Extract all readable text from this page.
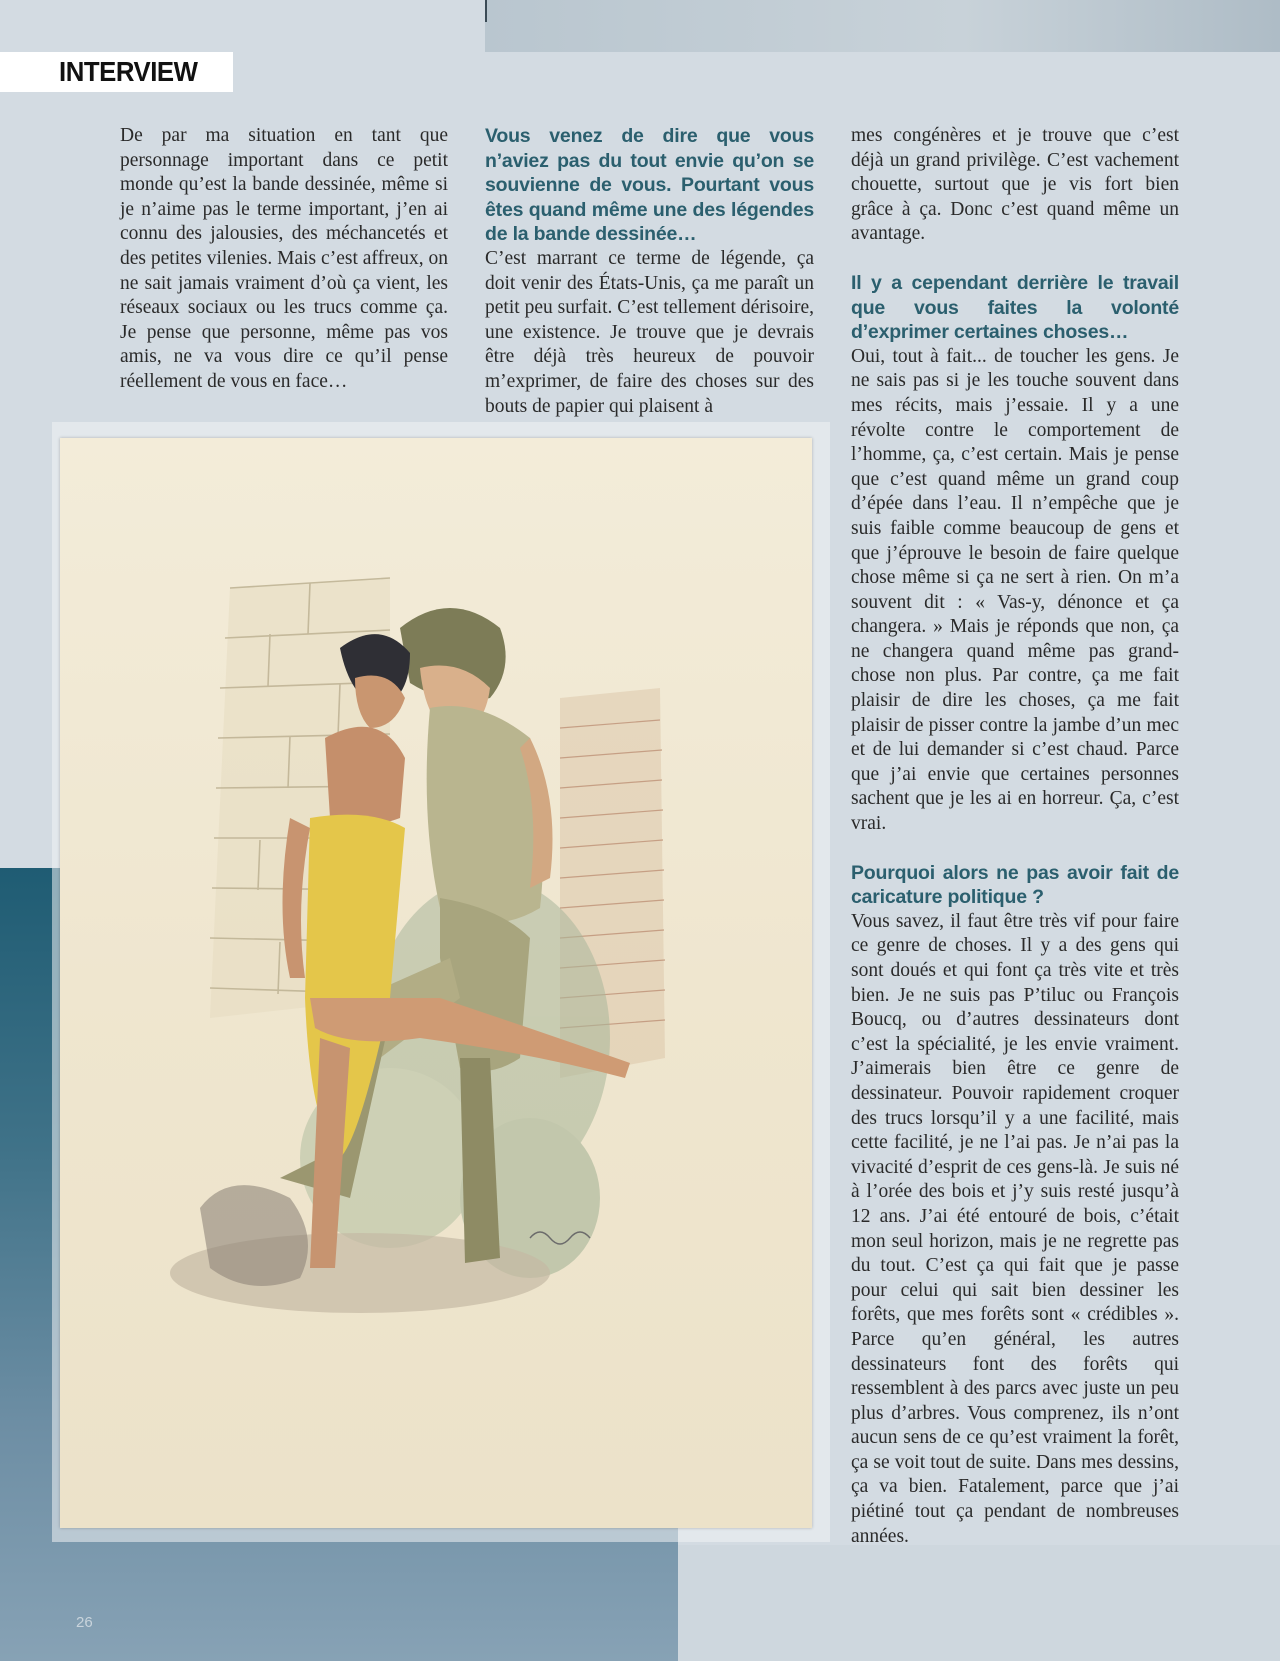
INTERVIEW

De par ma situation en tant que personnage important dans ce petit monde qu’est la bande dessinée, même si je n’aime pas le terme important, j’en ai connu des jalousies, des méchancetés et des petites vilenies. Mais c’est affreux, on ne sait jamais vraiment d’où ça vient, les réseaux sociaux ou les trucs comme ça. Je pense que personne, même pas vos amis, ne va vous dire ce qu’il pense réellement de vous en face…

Vous venez de dire que vous n’aviez pas du tout envie qu’on se souvienne de vous. Pourtant vous êtes quand même une des légendes de la bande dessinée…

C’est marrant ce terme de légende, ça doit venir des États-Unis, ça me paraît un petit peu surfait. C’est tellement dérisoire, une existence. Je trouve que je devrais être déjà très heureux de pouvoir m’exprimer, de faire des choses sur des bouts de papier qui plaisent à

mes congénères et je trouve que c’est déjà un grand privilège. C’est vachement chouette, surtout que je vis fort bien grâce à ça. Donc c’est quand même un avantage.

Il y a cependant derrière le travail que vous faites la volonté d’exprimer certaines choses…

Oui, tout à fait... de toucher les gens. Je ne sais pas si je les touche souvent dans mes récits, mais j’essaie. Il y a une révolte contre le comportement de l’homme, ça, c’est certain. Mais je pense que c’est quand même un grand coup d’épée dans l’eau. Il n’empêche que je suis faible comme beaucoup de gens et que j’éprouve le besoin de faire quelque chose même si ça ne sert à rien. On m’a souvent dit : « Vas-y, dénonce et ça changera. » Mais je réponds que non, ça ne changera quand même pas grand-chose non plus. Par contre, ça me fait plaisir de dire les choses, ça me fait plaisir de pisser contre la jambe d’un mec et de lui demander si c’est chaud. Parce que j’ai envie que certaines personnes sachent que je les ai en horreur. Ça, c’est vrai.

Pourquoi alors ne pas avoir fait de caricature politique ?

Vous savez, il faut être très vif pour faire ce genre de choses. Il y a des gens qui sont doués et qui font ça très vite et très bien. Je ne suis pas P’tiluc ou François Boucq, ou d’autres dessinateurs dont c’est la spécialité, je les envie vraiment. J’aimerais bien être ce genre de dessinateur. Pouvoir rapidement croquer des trucs lorsqu’il y a une facilité, mais cette facilité, je ne l’ai pas. Je n’ai pas la vivacité d’esprit de ces gens-là. Je suis né à l’orée des bois et j’y suis resté jusqu’à 12 ans. J’ai été entouré de bois, c’était mon seul horizon, mais je ne regrette pas du tout. C’est ça qui fait que je passe pour celui qui sait bien dessiner les forêts, que mes forêts sont « crédibles ». Parce qu’en général, les autres dessinateurs font des forêts qui ressemblent à des parcs avec juste un peu plus d’arbres. Vous comprenez, ils n’ont aucun sens de ce qu’est vraiment la forêt, ça se voit tout de suite. Dans mes dessins, ça va bien. Fatalement, parce que j’ai piétiné tout ça pendant de nombreuses années.

26
